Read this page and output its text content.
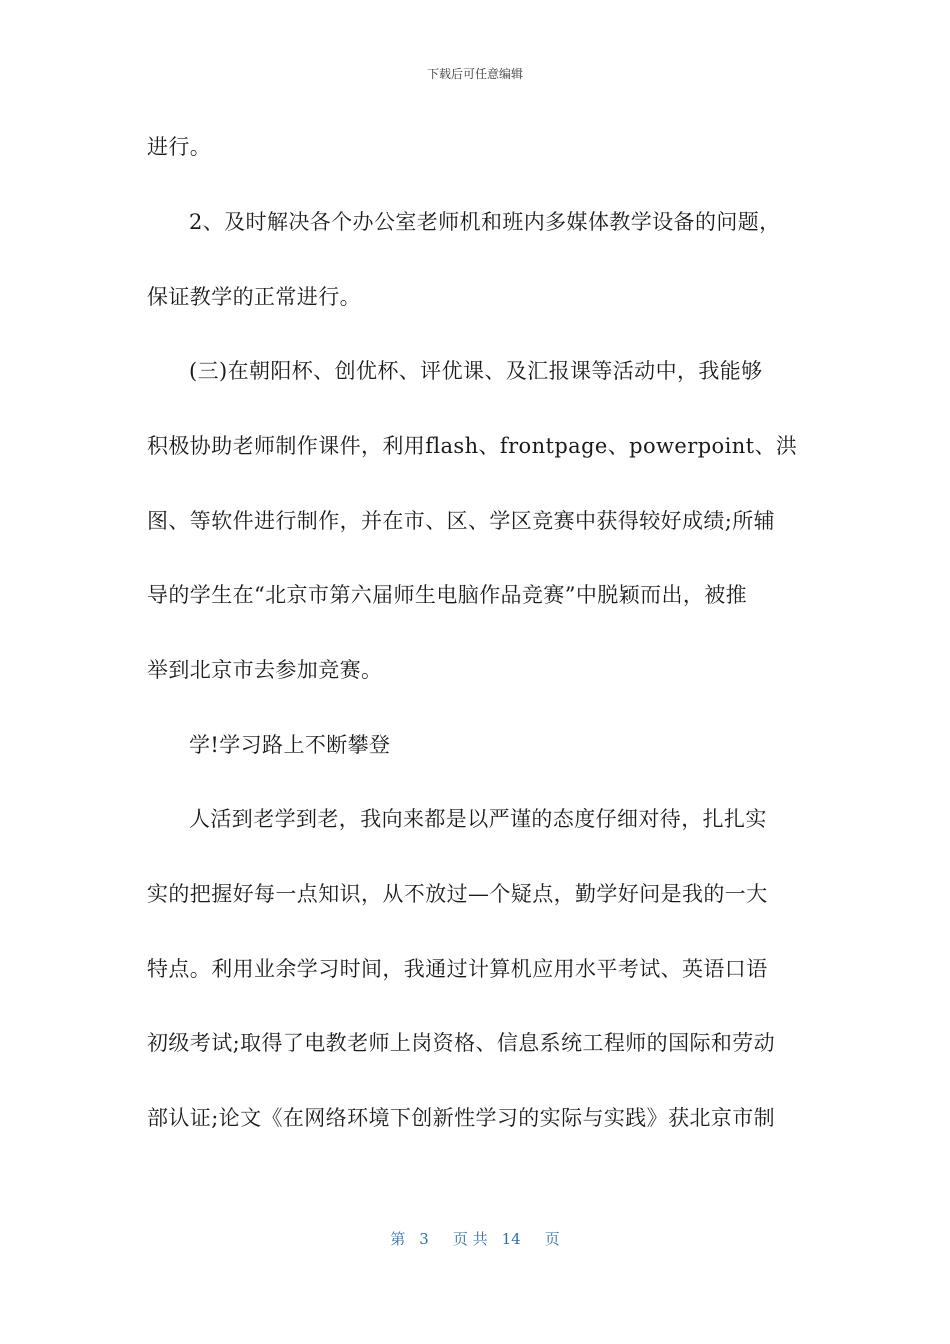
下载后可任意编辑
进行。
2、及时解决各个办公室老师机和班内多媒体教学设备的问题，
保证教学的正常进行。
(三)在朝阳杯、创优杯、评优课、及汇报课等活动中，我能够
积极协助老师制作课件，利用flash、frontpage、powerpoint、洪
图、等软件进行制作，并在市、区、学区竞赛中获得较好成绩;所辅
导的学生在“北京市第六届师生电脑作品竞赛”中脱颖而出，被推
举到北京市去参加竞赛。
学!学习路上不断攀登
人活到老学到老，我向来都是以严谨的态度仔细对待，扎扎实
实的把握好每一点知识，从不放过—个疑点，勤学好问是我的一大
特点。利用业余学习时间，我通过计算机应用水平考试、英语口语
初级考试;取得了电教老师上岗资格、信息系统工程师的国际和劳动
部认证;论文《在网络环境下创新性学习的实际与实践》获北京市制
第 3 页 共 14 页
